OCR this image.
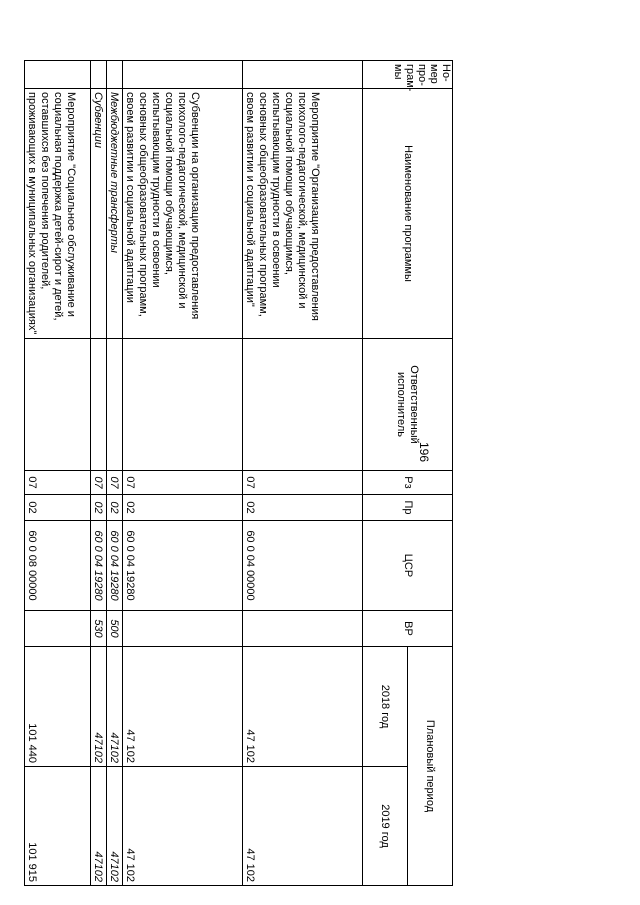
196
Но-мер про-грам-мы	Наименование программы	Ответственный исполнитель	Рз	Пр	ЦСР	ВР	Плановый период	
							2018 год	2019 год
	Мероприятие "Организация предоставления психолого-педагогической, медицинской и социальной помощи обучающимся, испытывающим трудности в освоении основных общеобразовательных программ, своем развитии и социальной адаптации"		07	02	60 0 04 00000		47 102	47 102
	Субвенции на организацию предоставления психолого-педагогической, медицинской и социальной помощи обучающимся, испытывающим трудности в освоении основных общеобразовательных программ, своем развитии и социальной адаптации		07	02	60 0 04 19280		47 102	47 102
	Межбюджетные трансферты		07	02	60 0 04 19280	500	47102	47102
	Субвенции		07	02	60 0 04 19280	530	47102	47102
	Мероприятие "Социальное обслуживание и социальная поддержка детей-сирот и детей, оставшихся без попечения родителей, проживающих в муниципальных организациях"		07	02	60 0 08 00000		101 440	101 915
